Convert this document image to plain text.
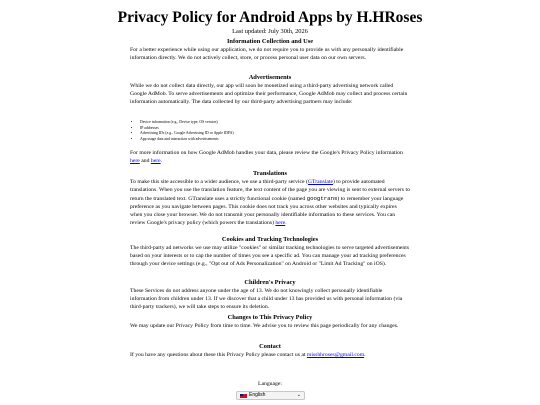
Privacy Policy for Android Apps by H.HRoses
Last updated: July 30th, 2026
Information Collection and Use
For a better experience while using our application, we do not require you to provide us with any personally identifiable information directly. We do not actively collect, store, or process personal user data on our own servers.
Advertisements
While we do not collect data directly, our app will soon be monetized using a third-party advertising network called Google AdMob. To serve advertisements and optimize their performance, Google AdMob may collect and process certain information automatically. The data collected by our third-party advertising partners may include:
• Device information (e.g., Device type, OS version)
• IP addresses
• Advertising IDs (e.g., Google Advertising ID or Apple IDFA)
• App usage data and interaction with advertisements
For more information on how Google AdMob handles your data, please review the Google's Privacy Policy information here and here.
Translations
To make this site accessible to a wider audience, we use a third-party service (GTranslate) to provide automated translations. When you use the translation feature, the text content of the page you are viewing is sent to external servers to return the translated text. GTranslate uses a strictly functional cookie (named googtrans) to remember your language preference as you navigate between pages. This cookie does not track you across other websites and typically expires when you close your browser. We do not transmit your personally identifiable information to these services. You can review Google's privacy policy (which powers the translations) here.
Cookies and Tracking Technologies
The third-party ad networks we use may utilize "cookies" or similar tracking technologies to serve targeted advertisements based on your interests or to cap the number of times you see a specific ad. You can manage your ad tracking preferences through your device settings (e.g., "Opt out of Ads Personalization" on Android or "Limit Ad Tracking" on iOS).
Children's Privacy
These Services do not address anyone under the age of 13. We do not knowingly collect personally identifiable information from children under 13. If we discover that a child under 13 has provided us with personal information (via third-party trackers), we will take steps to ensure its deletion.
Changes to This Privacy Policy
We may update our Privacy Policy from time to time. We advise you to review this page periodically for any changes.
Contact
If you have any questions about these this Privacy Policy please contact us at misshhroses@gmail.com.
Language:
English	⌄
